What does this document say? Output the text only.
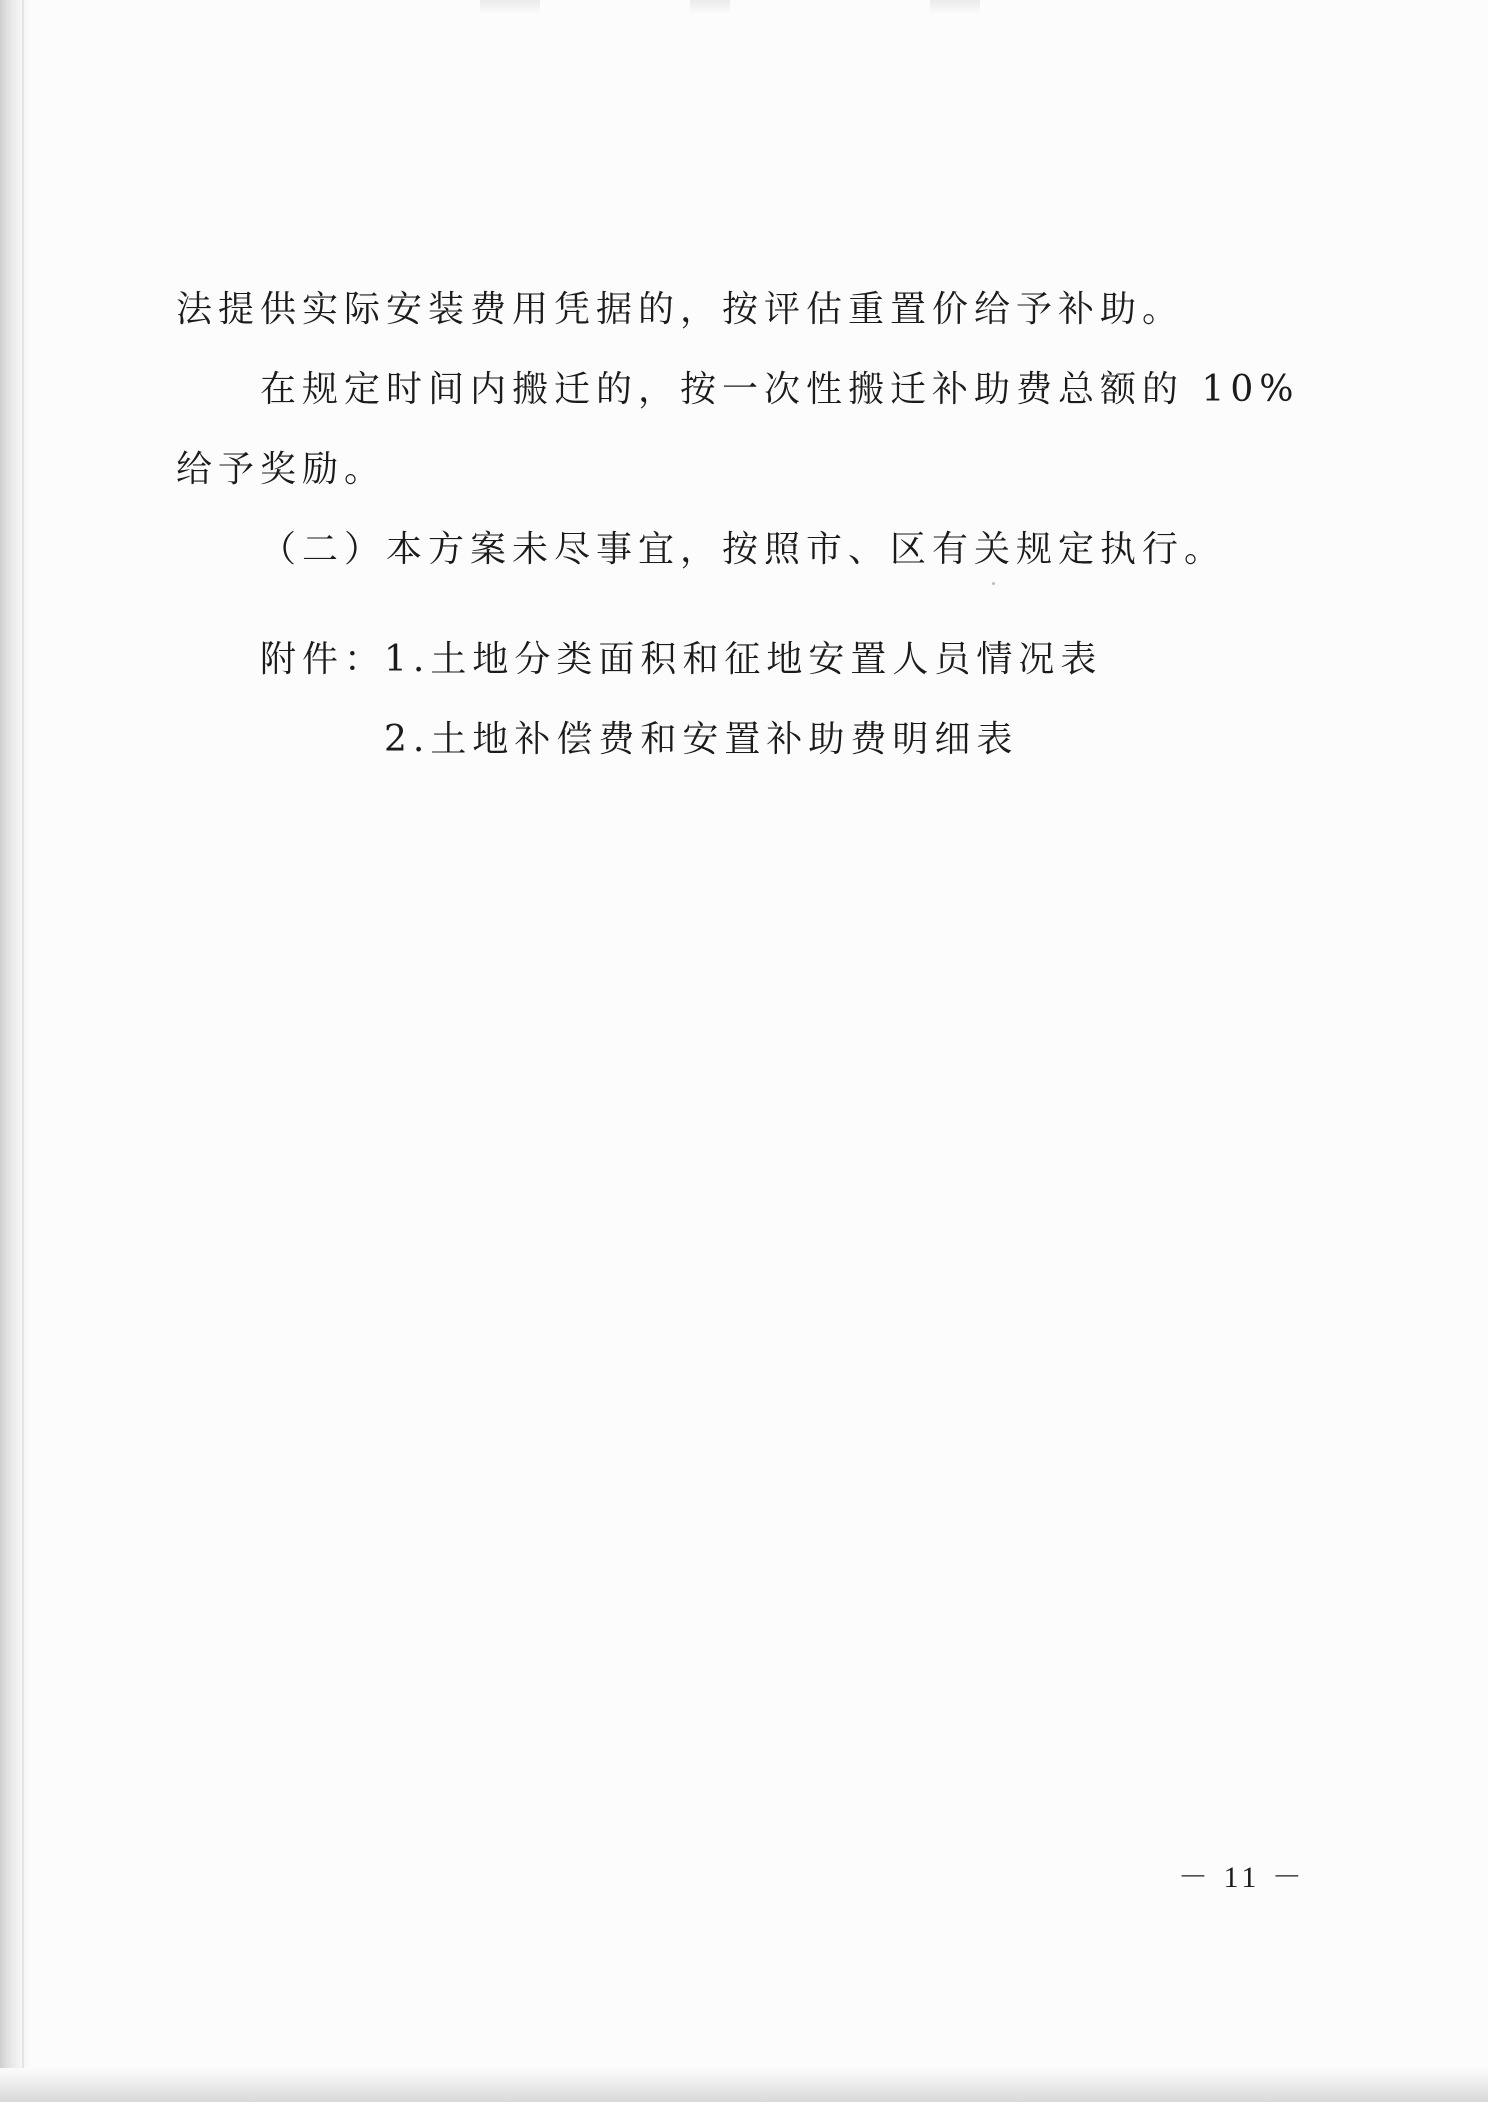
法提供实际安装费用凭据的，按评估重置价给予补助。

在规定时间内搬迁的，按一次性搬迁补助费总额的 10%给予奖励。

（二）本方案未尽事宜，按照市、区有关规定执行。

附件：
1.土地分类面积和征地安置人员情况表
2.土地补偿费和安置补助费明细表
－ 11 －
